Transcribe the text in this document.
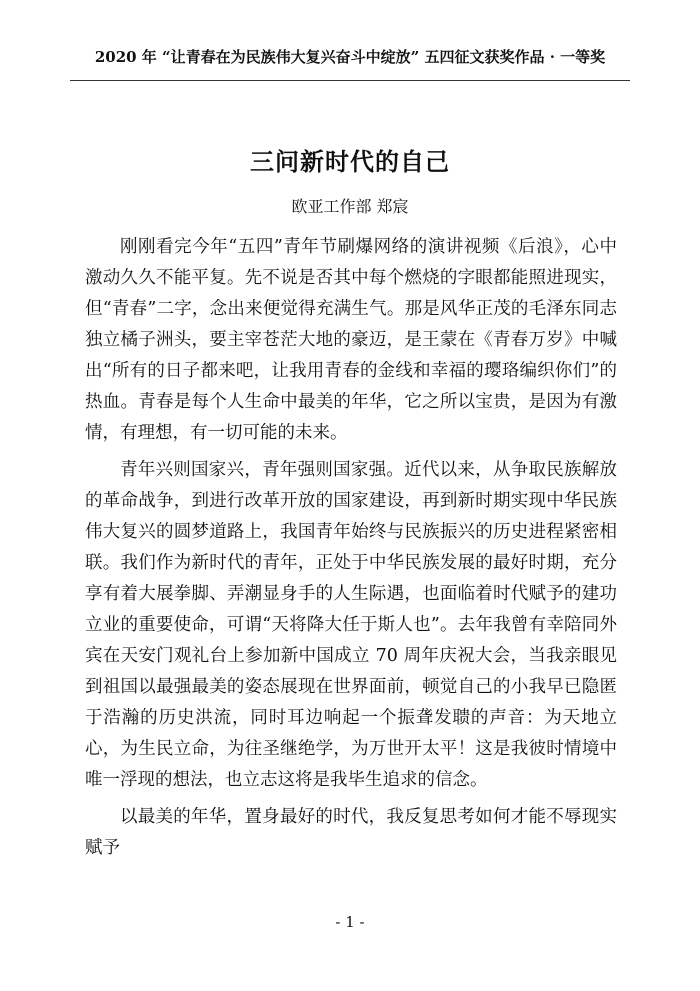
2020 年 “让青春在为民族伟大复兴奋斗中绽放” 五四征文获奖作品 · 一等奖
三问新时代的自己
欧亚工作部 郑宸

刚刚看完今年“五四”青年节刷爆网络的演讲视频《后浪》，心中激动久久不能平复。先不说是否其中每个燃烧的字眼都能照进现实，但“青春”二字，念出来便觉得充满生气。那是风华正茂的毛泽东同志独立橘子洲头，要主宰苍茫大地的豪迈，是王蒙在《青春万岁》中喊出“所有的日子都来吧，让我用青春的金线和幸福的璎珞编织你们”的热血。青春是每个人生命中最美的年华，它之所以宝贵，是因为有激情，有理想，有一切可能的未来。

青年兴则国家兴，青年强则国家强。近代以来，从争取民族解放的革命战争，到进行改革开放的国家建设，再到新时期实现中华民族伟大复兴的圆梦道路上，我国青年始终与民族振兴的历史进程紧密相联。我们作为新时代的青年，正处于中华民族发展的最好时期，充分享有着大展拳脚、弄潮显身手的人生际遇，也面临着时代赋予的建功立业的重要使命，可谓“天将降大任于斯人也”。去年我曾有幸陪同外宾在天安门观礼台上参加新中国成立 70 周年庆祝大会，当我亲眼见到祖国以最强最美的姿态展现在世界面前，顿觉自己的小我早已隐匿于浩瀚的历史洪流，同时耳边响起一个振聋发聩的声音：为天地立心，为生民立命，为往圣继绝学，为万世开太平！这是我彼时情境中唯一浮现的想法，也立志这将是我毕生追求的信念。

以最美的年华，置身最好的时代，我反复思考如何才能不辱现实赋予

- 1 -
